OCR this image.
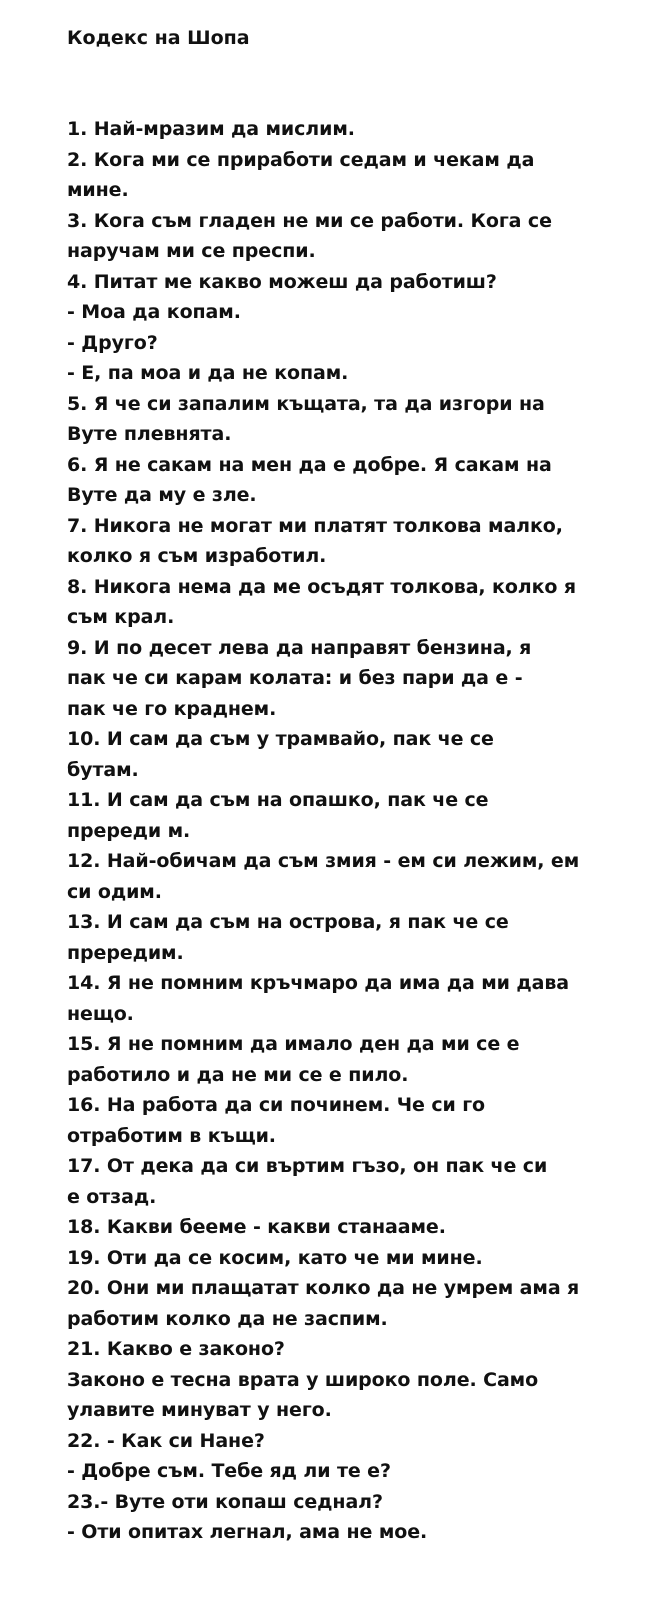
Кодекс на Шопа
1. Най-мразим да мислим.
2. Кога ми се приработи седам и чекам да
мине.
3. Кога съм гладен не ми се работи. Кога се
наручам ми се преспи.
4. Питат ме какво можеш да работиш?
- Моа да копам.
- Друго?
- Е, па моа и да не копам.
5. Я че си запалим къщата, та да изгори на
Вуте плевнята.
6. Я не сакам на мен да е добре. Я сакам на
Вуте да му е зле.
7. Никога не могат ми платят толкова малко,
колко я съм изработил.
8. Никога нема да ме осъдят толкова, колко я
съм крал.
9. И по десет лева да направят бензина, я
пак че си карам колата: и без пари да е -
пак че го краднем.
10. И сам да съм у трамвайо, пак че се
бутам.
11. И сам да съм на опашко, пак че се
пререди м.
12. Най-обичам да съм змия - ем си лежим, ем
си одим.
13. И сам да съм на острова, я пак че се
прередим.
14. Я не помним кръчмаро да има да ми дава
нещо.
15. Я не помним да имало ден да ми се е
работило и да не ми се е пило.
16. На работа да си починем. Че си го
отработим в къщи.
17. От дека да си въртим гъзо, он пак че си
е отзад.
18. Какви беeме - какви станааме.
19. Оти да се косим, като че ми мине.
20. Они ми плащатат колко да не умрем ама я
работим колко да не заспим.
21. Какво е законо?
Законо е тесна врата у широко поле. Само
улавите минуват у него.
22. - Как си Нане?
- Добре съм. Тебе яд ли те е?
23.- Вуте оти копаш седнал?
- Оти опитах легнал, ама не мое.
